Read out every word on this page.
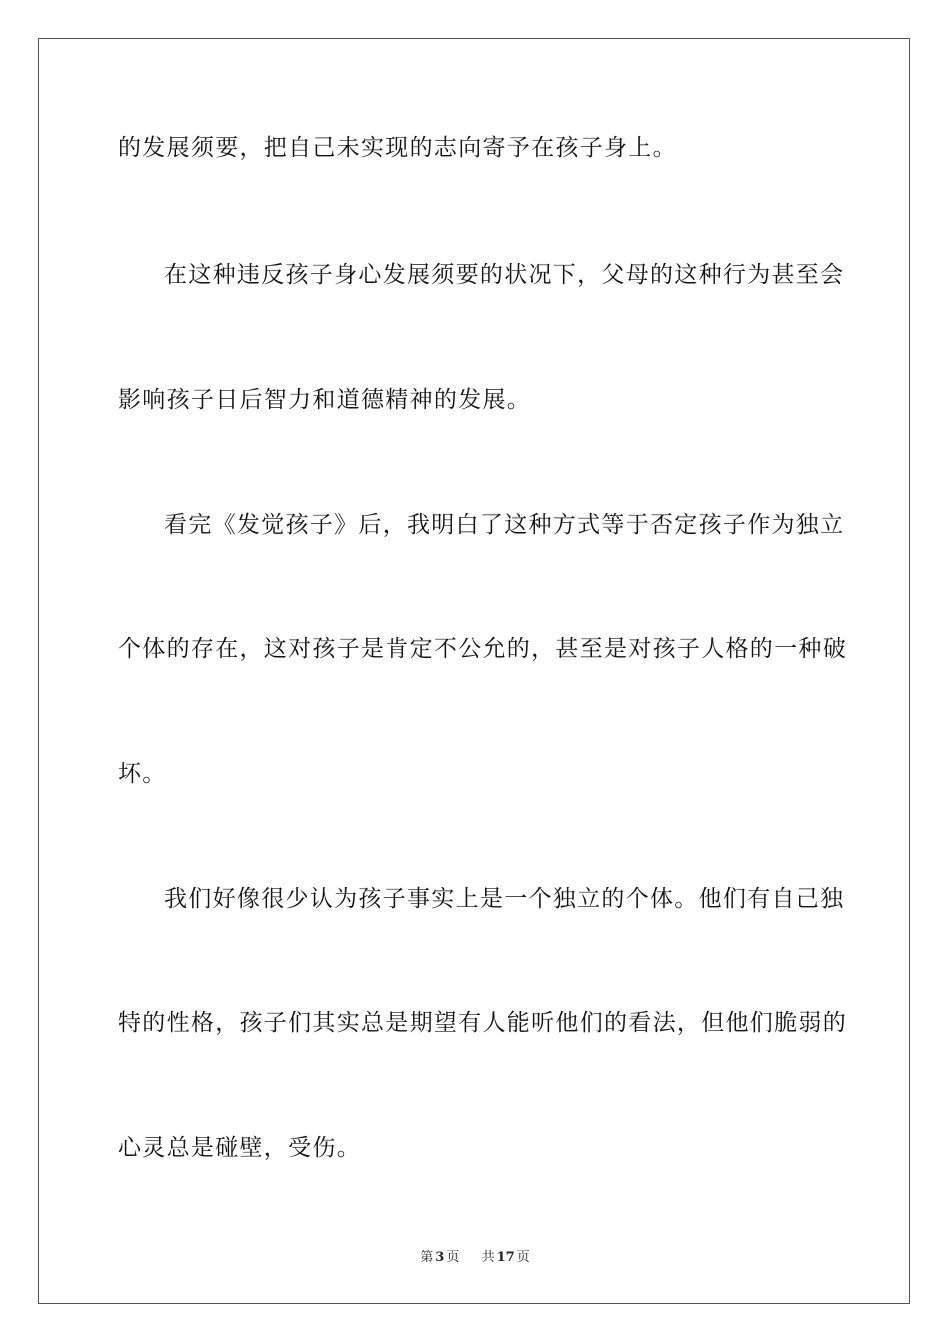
的发展须要，把自己未实现的志向寄予在孩子身上。
在这种违反孩子身心发展须要的状况下，父母的这种行为甚至会
影响孩子日后智力和道德精神的发展。
看完《发觉孩子》后，我明白了这种方式等于否定孩子作为独立
个体的存在，这对孩子是肯定不公允的，甚至是对孩子人格的一种破
坏。
我们好像很少认为孩子事实上是一个独立的个体。他们有自己独
特的性格，孩子们其实总是期望有人能听他们的看法，但他们脆弱的
心灵总是碰壁，受伤。
第 3 页 共 17 页
